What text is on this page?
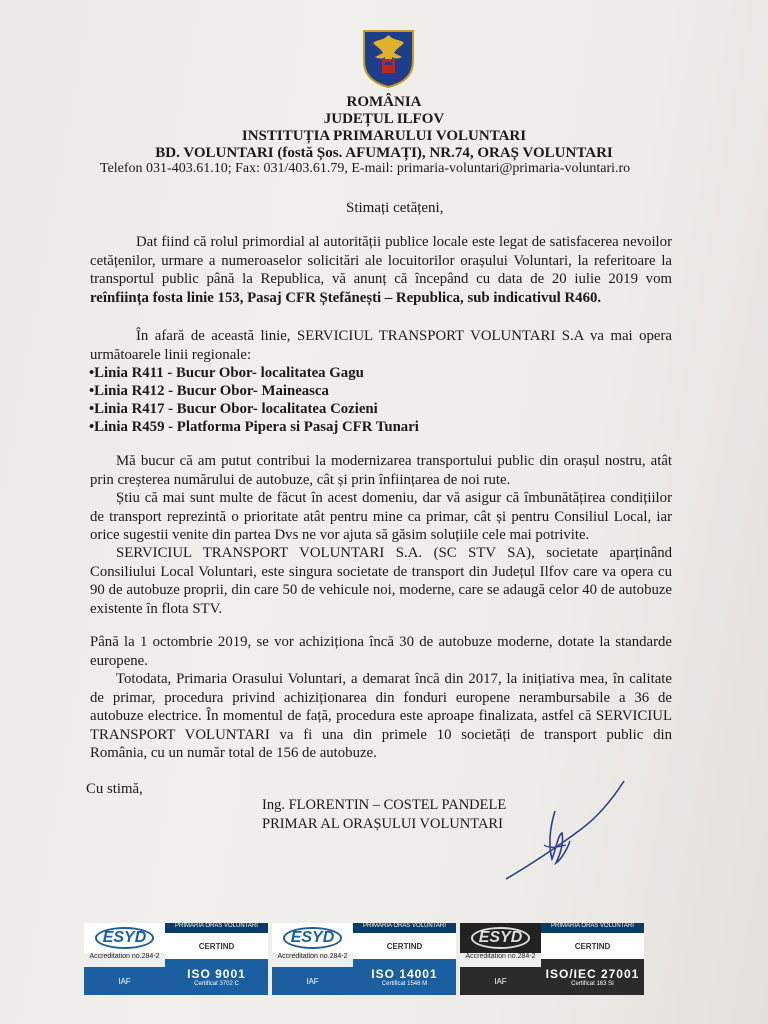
ROMÂNIA
JUDEȚUL ILFOV
INSTITUȚIA PRIMARULUI VOLUNTARI
BD. VOLUNTARI (fostă Șos. AFUMAȚI), NR.74, ORAȘ VOLUNTARI
Telefon 031-403.61.10; Fax: 031/403.61.79, E-mail: primaria-voluntari@primaria-voluntari.ro
Stimați cetățeni,
Dat fiind că rolul primordial al autorității publice locale este legat de satisfacerea nevoilor
cetățenilor, urmare a numeroaselor solicitări ale locuitorilor orașului Voluntari, la referitoare la
transportul public până la Republica, vă anunț că începând cu data de 20 iulie 2019 vom
reînființa fosta linie 153, Pasaj CFR Ștefănești – Republica, sub indicativul R460.
În afară de această linie, SERVICIUL TRANSPORT VOLUNTARI S.A va mai opera
următoarele linii regionale:
•Linia R411 - Bucur Obor- localitatea Gagu
•Linia R412 - Bucur Obor- Maineasca
•Linia R417 - Bucur Obor- localitatea Cozieni
•Linia R459 - Platforma Pipera si Pasaj CFR Tunari
Mă bucur că am putut contribui la modernizarea transportului public din orașul nostru, atât
prin creșterea numărului de autobuze, cât și prin înființarea de noi rute.
Știu că mai sunt multe de făcut în acest domeniu, dar vă asigur că îmbunătățirea condițiilor
de transport reprezintă o prioritate atât pentru mine ca primar, cât și pentru Consiliul Local, iar
orice sugestii venite din partea Dvs ne vor ajuta să găsim soluțiile cele mai potrivite.
SERVICIUL TRANSPORT VOLUNTARI S.A. (SC STV SA), societate aparținând
Consiliului Local Voluntari, este singura societate de transport din Județul Ilfov care va opera cu
90 de autobuze proprii, din care 50 de vehicule noi, moderne, care se adaugă celor 40 de autobuze
existente în flota STV.
Până la 1 octombrie 2019, se vor achiziționa încă 30 de autobuze moderne, dotate la standarde
europene.
Totodata, Primaria Orasului Voluntari, a demarat încă din 2017, la inițiativa mea, în calitate
de primar, procedura privind achiziționarea din fonduri europene nerambursabile a 36 de
autobuze electrice. În momentul de față, procedura este aproape finalizata, astfel că SERVICIUL
TRANSPORT VOLUNTARI va fi una din primele 10 societăți de transport public din
România, cu un număr total de 156 de autobuze.
Cu stimă,
Ing. FLORENTIN – COSTEL PANDELE
PRIMAR AL ORAȘULUI VOLUNTARI
ESYD
Accreditation no.284-2
IAF
PRIMARIA ORAS VOLUNTARI
CERTIND
ISO 9001
Certificat 3702 C
ESYD
Accreditation no.284-2
IAF
PRIMARIA ORAS VOLUNTARI
CERTIND
ISO 14001
Certificat 1548 M
ESYD
Accreditation no.284-2
IAF
PRIMARIA ORAS VOLUNTARI
CERTIND
ISO/IEC 27001
Certificat 163 SI
